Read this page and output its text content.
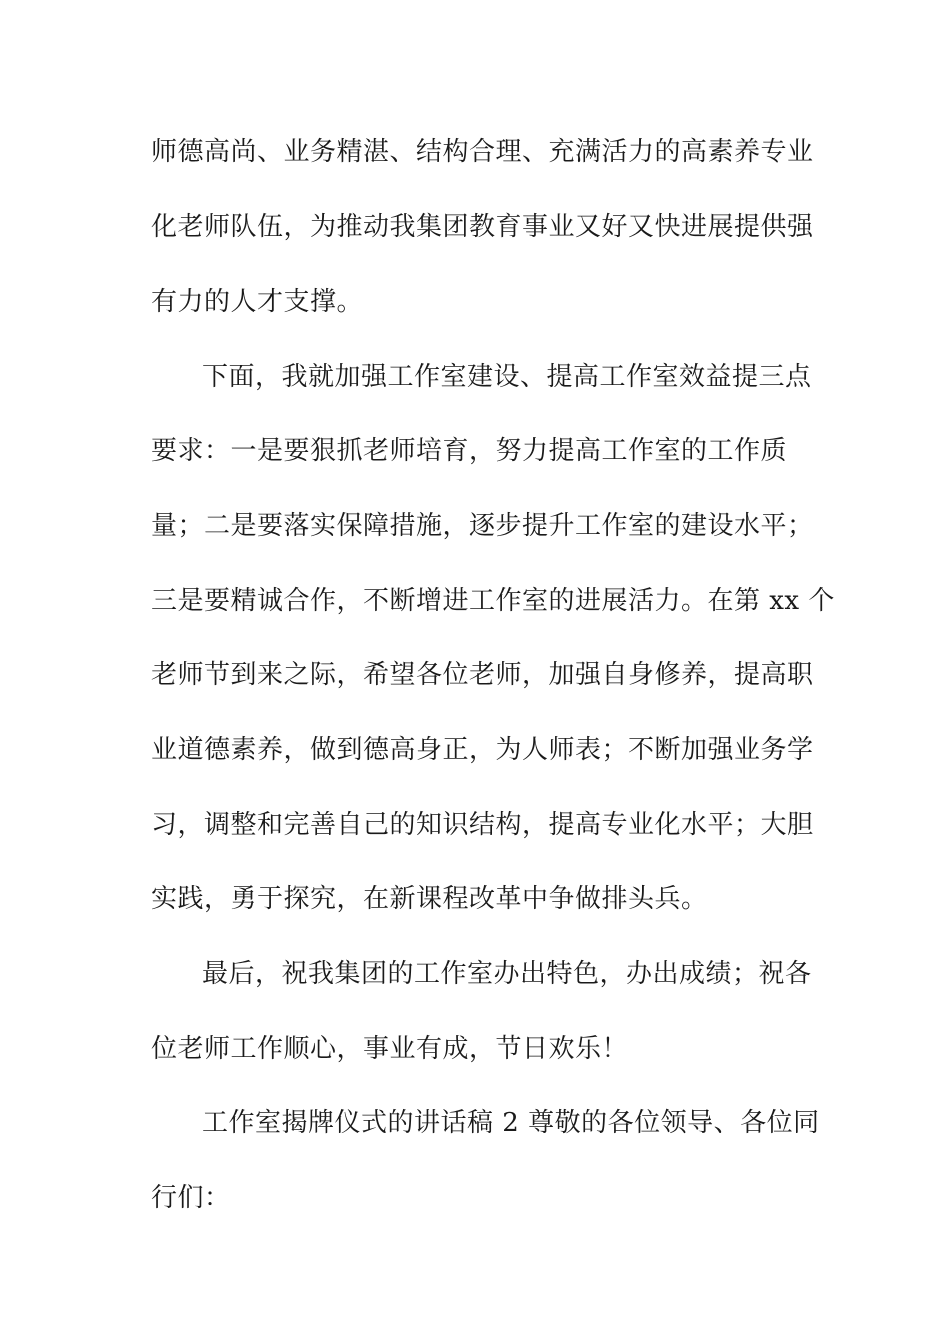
师德高尚、业务精湛、结构合理、充满活力的高素养专业
化老师队伍，为推动我集团教育事业又好又快进展提供强
有力的人才支撑。
下面，我就加强工作室建设、提高工作室效益提三点
要求：一是要狠抓老师培育，努力提高工作室的工作质
量；二是要落实保障措施，逐步提升工作室的建设水平；
三是要精诚合作，不断增进工作室的进展活力。在第 xx 个
老师节到来之际，希望各位老师，加强自身修养，提高职
业道德素养，做到德高身正，为人师表；不断加强业务学
习，调整和完善自己的知识结构，提高专业化水平；大胆
实践，勇于探究，在新课程改革中争做排头兵。
最后，祝我集团的工作室办出特色，办出成绩；祝各
位老师工作顺心，事业有成，节日欢乐！
工作室揭牌仪式的讲话稿 2 尊敬的各位领导、各位同
行们：
